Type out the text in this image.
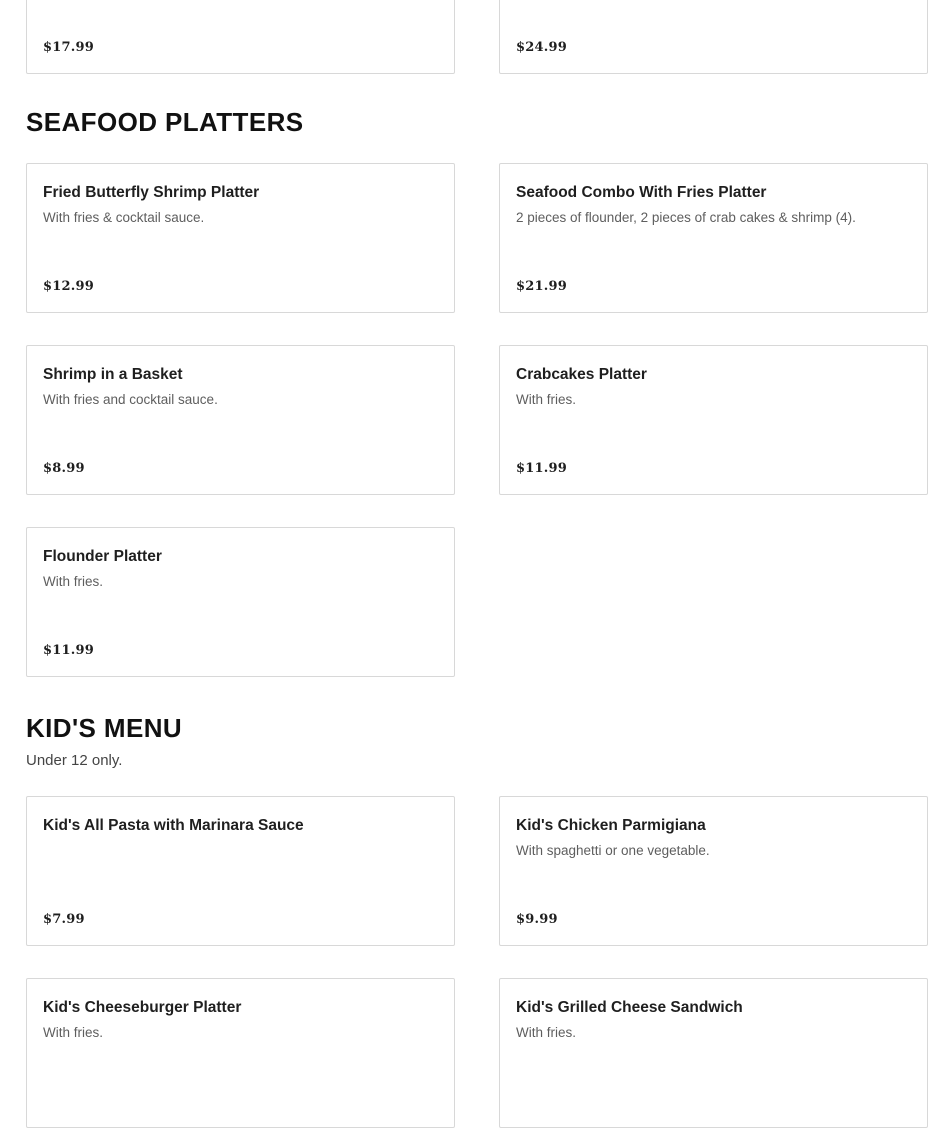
$17.99	$24.99
SEAFOOD PLATTERS
Fried Butterfly Shrimp Platter
With fries & cocktail sauce.
$12.99
Seafood Combo With Fries Platter
2 pieces of flounder, 2 pieces of crab cakes & shrimp (4).
$21.99
Shrimp in a Basket
With fries and cocktail sauce.
$8.99
Crabcakes Platter
With fries.
$11.99
Flounder Platter
With fries.
$11.99
KID'S MENU
Under 12 only.
Kid's All Pasta with Marinara Sauce
$7.99
Kid's Chicken Parmigiana
With spaghetti or one vegetable.
$9.99
Kid's Cheeseburger Platter
With fries.
Kid's Grilled Cheese Sandwich
With fries.
